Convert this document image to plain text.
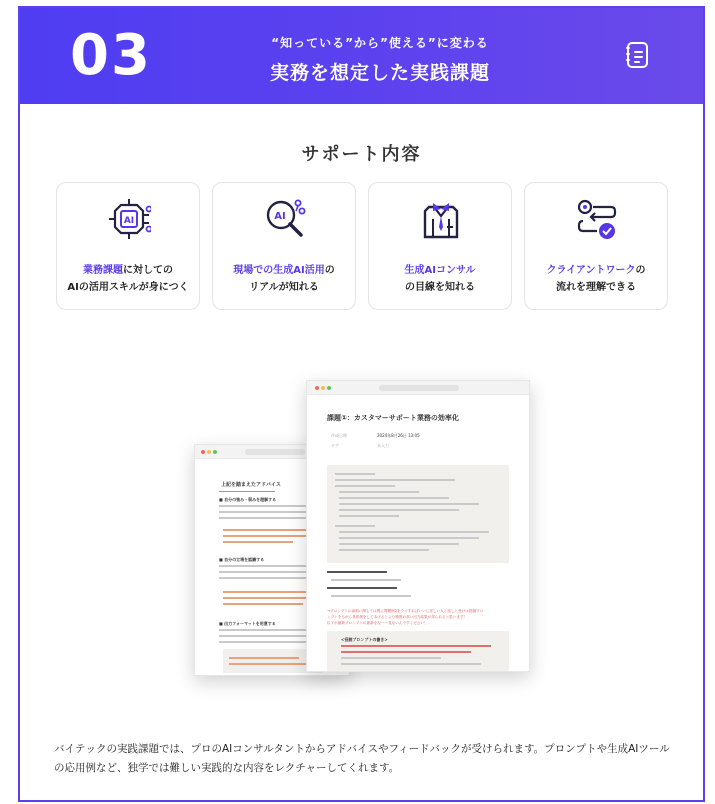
03	“知っている”から”使える”に変わる
実務を想定した実践課題
サポート内容
AI
業務課題に対しての
AIの活用スキルが身につく
AI
現場での生成AI活用の
リアルが知れる
生成AIコンサル
の目線を知れる
クライアントワークの
流れを理解できる
上記を踏まえたアドバイス
■ 自分の強み・弱みを理解する
■ 自分の立場を認識する
■ 出力フォーマットを用意する
課題①：カスタマーサポート業務の効率化
作成日時	2024年8月26日 13:05
タグ	未入力
→プロンプトの添削に関しては既に問題例2をラマすればいいし詳しい人と話しと受けは指摘プロ
ンプトをもがら具体例をしてあげるとより精度の高い出力結果が得られると思います！
以下が最新プロンプトの最新をなーー見ないんですください！
<役割プロンプトの書き>
バイテックの実践課題では、プロのAIコンサルタントからアドバイスやフィードバックが受けられます。プロンプトや生成AIツールの応用例など、独学では難しい実践的な内容をレクチャーしてくれます。
